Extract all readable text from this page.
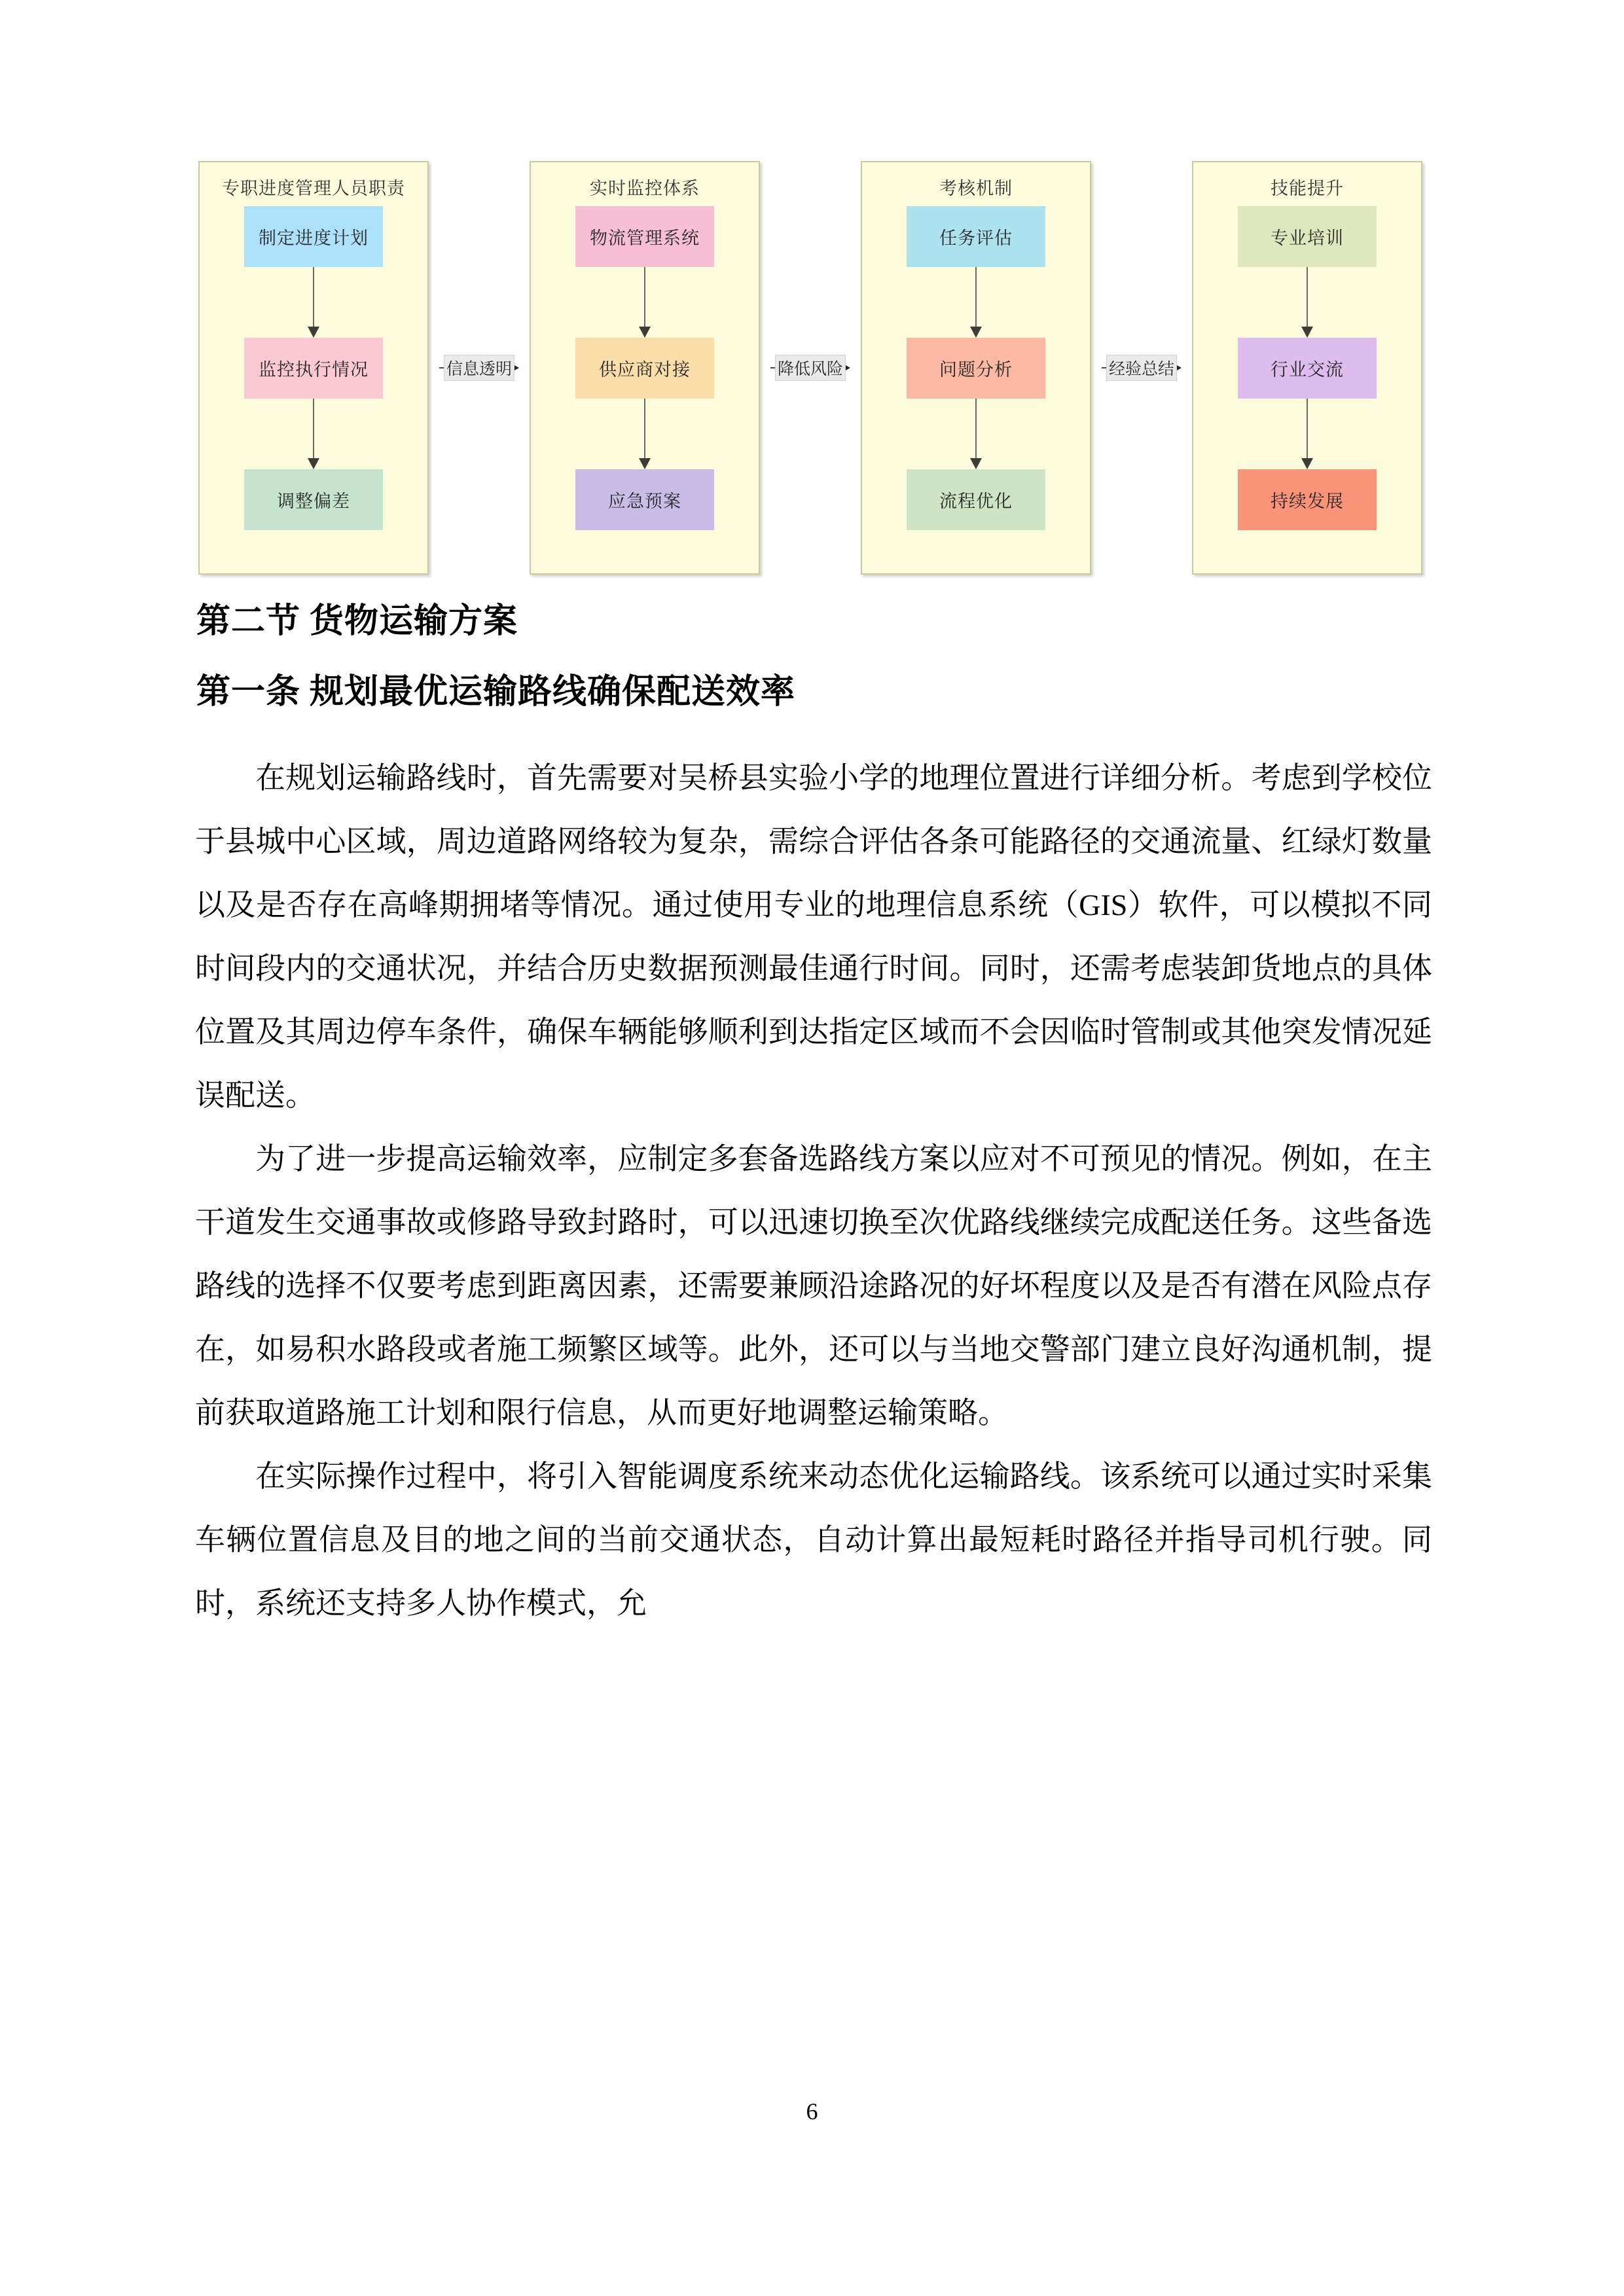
专职进度管理人员职责
制定进度计划
监控执行情况
调整偏差
信息透明
实时监控体系
物流管理系统
供应商对接
应急预案
降低风险
考核机制
任务评估
问题分析
流程优化
经验总结
技能提升
专业培训
行业交流
持续发展
第二节 货物运输方案
第一条 规划最优运输路线确保配送效率

在规划运输路线时，首先需要对吴桥县实验小学的地理位置进行详细分析。考虑到学校位于县城中心区域，周边道路网络较为复杂，需综合评估各条可能路径的交通流量、红绿灯数量以及是否存在高峰期拥堵等情况。通过使用专业的地理信息系统（GIS）软件，可以模拟不同时间段内的交通状况，并结合历史数据预测最佳通行时间。同时，还需考虑装卸货地点的具体位置及其周边停车条件，确保车辆能够顺利到达指定区域而不会因临时管制或其他突发情况延误配送。

为了进一步提高运输效率，应制定多套备选路线方案以应对不可预见的情况。例如，在主干道发生交通事故或修路导致封路时，可以迅速切换至次优路线继续完成配送任务。这些备选路线的选择不仅要考虑到距离因素，还需要兼顾沿途路况的好坏程度以及是否有潜在风险点存在，如易积水路段或者施工频繁区域等。此外，还可以与当地交警部门建立良好沟通机制，提前获取道路施工计划和限行信息，从而更好地调整运输策略。

在实际操作过程中，将引入智能调度系统来动态优化运输路线。该系统可以通过实时采集车辆位置信息及目的地之间的当前交通状态，自动计算出最短耗时路径并指导司机行驶。同时，系统还支持多人协作模式，允

6
